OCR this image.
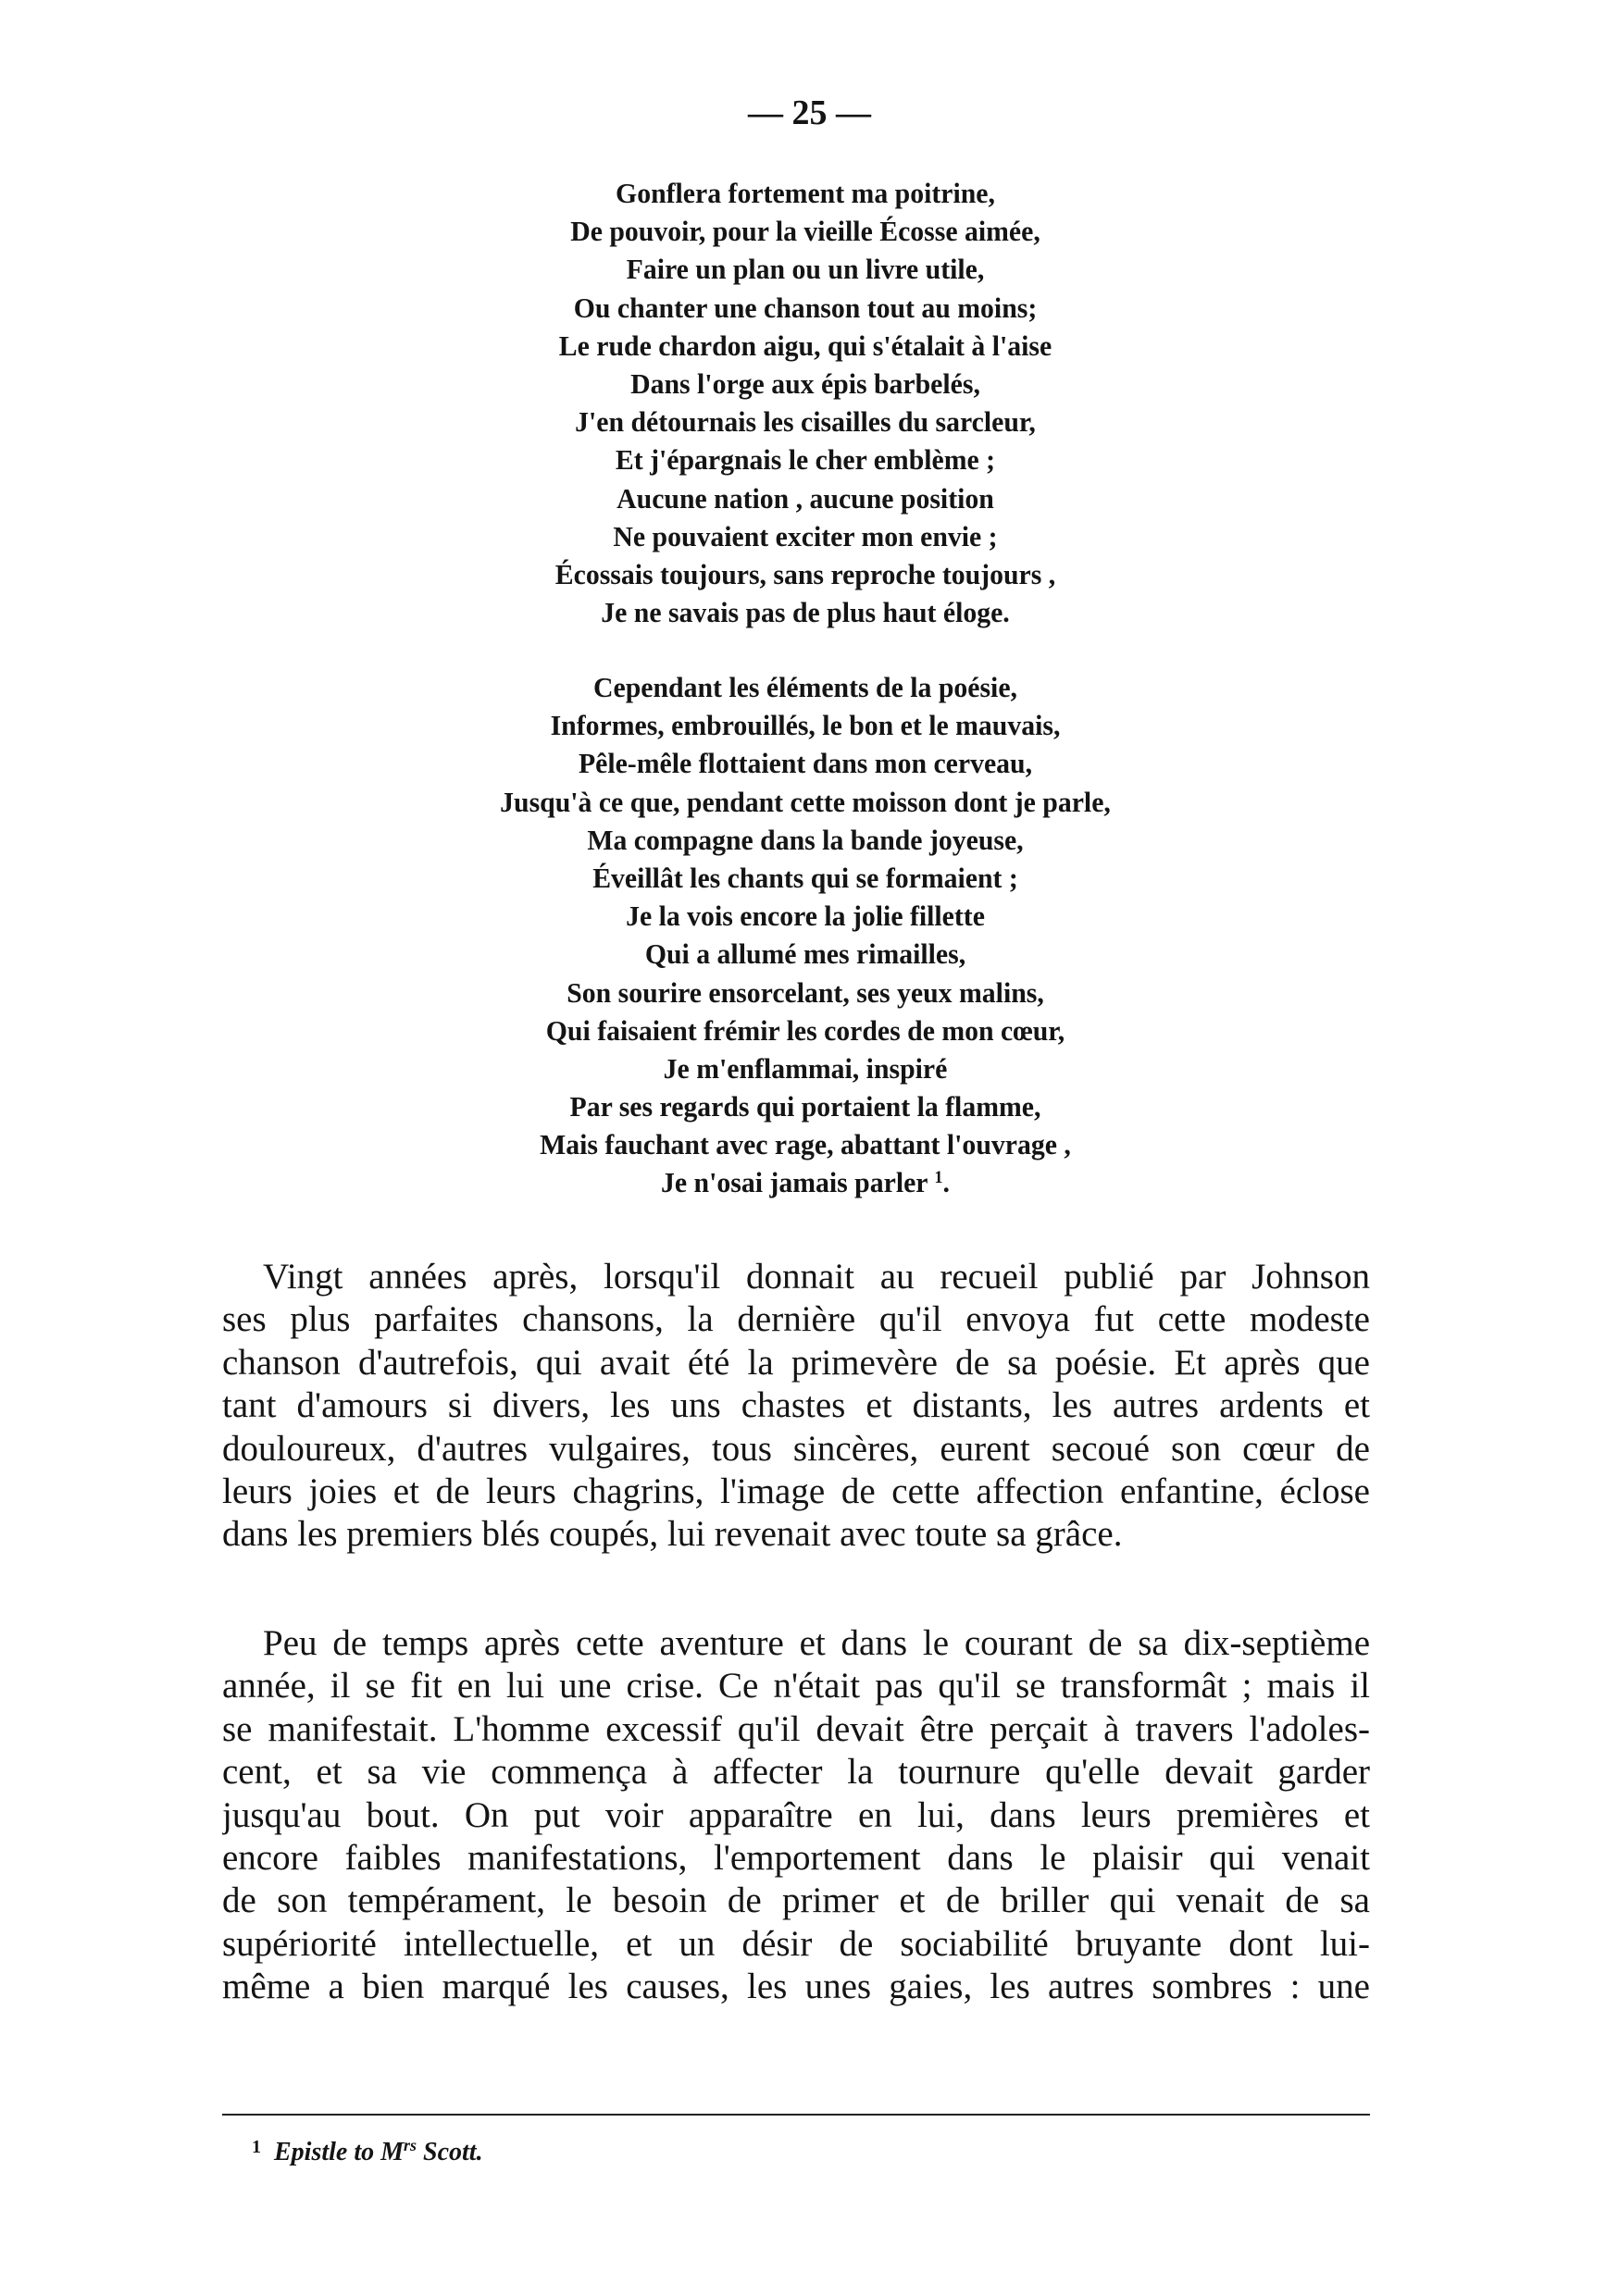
— 25 —
Gonflera fortement ma poitrine,
De pouvoir, pour la vieille Écosse aimée,
Faire un plan ou un livre utile,
Ou chanter une chanson tout au moins;
Le rude chardon aigu, qui s'étalait à l'aise
Dans l'orge aux épis barbelés,
J'en détournais les cisailles du sarcleur,
Et j'épargnais le cher emblème ;
Aucune nation , aucune position
Ne pouvaient exciter mon envie ;
Écossais toujours, sans reproche toujours ,
Je ne savais pas de plus haut éloge.
Cependant les éléments de la poésie,
Informes, embrouillés, le bon et le mauvais,
Pêle-mêle flottaient dans mon cerveau,
Jusqu'à ce que, pendant cette moisson dont je parle,
Ma compagne dans la bande joyeuse,
Éveillât les chants qui se formaient ;
Je la vois encore la jolie fillette
Qui a allumé mes rimailles,
Son sourire ensorcelant, ses yeux malins,
Qui faisaient frémir les cordes de mon cœur,
Je m'enflammai, inspiré
Par ses regards qui portaient la flamme,
Mais fauchant avec rage, abattant l'ouvrage ,
Je n'osai jamais parler $^1$.
Vingt années après, lorsqu'il donnait au recueil publié par Johnson
ses plus parfaites chansons, la dernière qu'il envoya fut cette modeste
chanson d'autrefois, qui avait été la primevère de sa poésie. Et après que
tant d'amours si divers, les uns chastes et distants, les autres ardents et
douloureux, d'autres vulgaires, tous sincères, eurent secoué son cœur de
leurs joies et de leurs chagrins, l'image de cette affection enfantine, éclose
dans les premiers blés coupés, lui revenait avec toute sa grâce.
Peu de temps après cette aventure et dans le courant de sa dix-septième
année, il se fit en lui une crise. Ce n'était pas qu'il se transformât ; mais il
se manifestait. L'homme excessif qu'il devait être perçait à travers l'adoles-
cent, et sa vie commença à affecter la tournure qu'elle devait garder
jusqu'au bout. On put voir apparaître en lui, dans leurs premières et
encore faibles manifestations, l'emportement dans le plaisir qui venait
de son tempérament, le besoin de primer et de briller qui venait de sa
supériorité intellectuelle, et un désir de sociabilité bruyante dont lui-
même a bien marqué les causes, les unes gaies, les autres sombres : une
$^1$ Epistle to $M^{rs}$ Scott.
